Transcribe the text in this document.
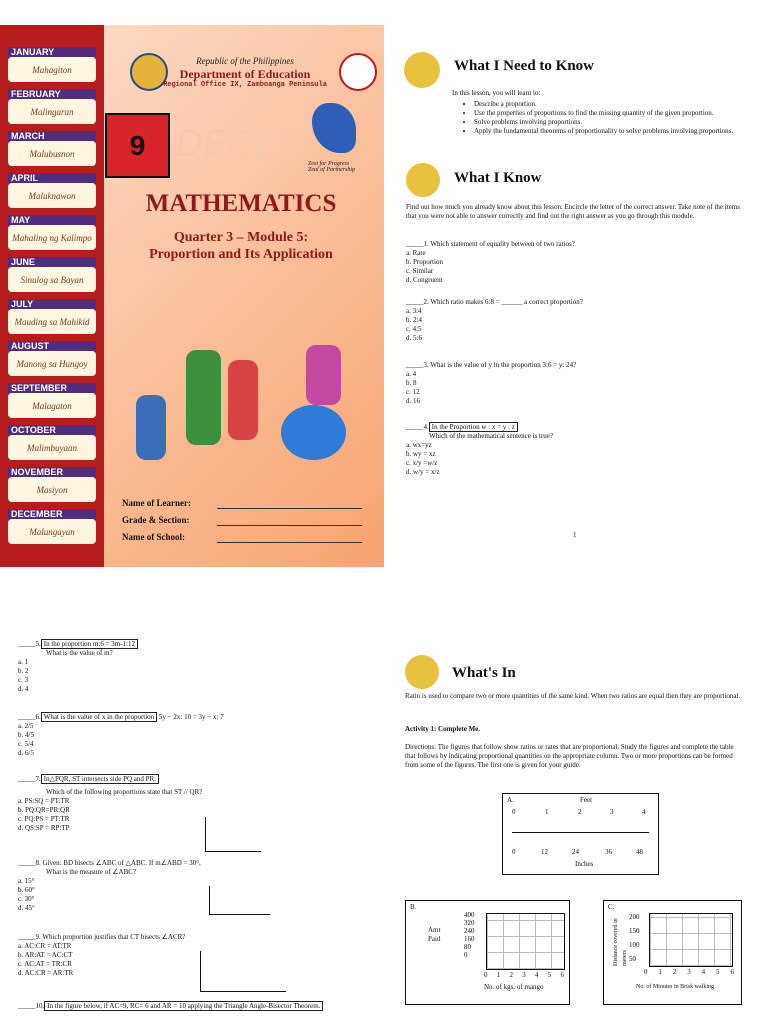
JANUARY
Mahagiton
FEBRUARY
Malingaran
MARCH
Malubusnon
APRIL
Maluknawon
MAY
Mahaling ng Kalimpo
JUNE
Sinulog sa Bayan
JULY
Mauding sa Mahikid
AUGUST
Manong sa Hungoy
SEPTEMBER
Malagaton
OCTOBER
Malimbuyaan
NOVEMBER
Masiyon
DECEMBER
Malungayan
Republic of the Philippines
Department of Education
Regional Office IX, Zamboanga Peninsula
9 DEPED Zest for Progress
Zeal of Partnership
MATHEMATICS
Quarter 3 – Module 5:
Proportion and Its Application
Name of Learner:
Grade & Section:
Name of School:
What I Need to Know

In this lesson, you will learn to:

• Describe a proportion.
• Use the properties of proportions to find the missing quantity of the given proportion.
• Solve problems involving proportions.
• Apply the fundamental theorems of proportionality to solve problems involving proportions.
What I Know

Find out how much you already know about this lesson. Encircle the letter of the correct answer. Take note of the items that you were not able to answer correctly and find out the right answer as you go through this module.

_____1. Which statement of equality between of two ratios?

a. Rate

b. Proportion

c. Similar

d. Congruent

_____2. Which ratio makes 6:8 = ______ a correct proportion?

a. 3:4

b. 2:4

c. 4:5

d. 5:6

_____3. What is the value of y in the proportion 3:6 = y: 24?

a. 4

b. 8

c. 12

d. 16

_____4. In the Proportion w : x = y : z

Which of the mathematical sentence is true?

a. wx=yz

b. wy = xz

c. x/y =w/z

d. w/y = x/z

1

_____5. In the proportion m:6 = 3m-1:12

What is the value of m?

a. 1

b. 2

c. 3

d. 4

_____6. What is the value of x in the proportion 5y − 2x: 10 = 3y − x: 7

a. 2/5

b. 4/5

c. 5/4

d. 6/5

_____7. In△PQR, ST intersects side PQ and PR.

Which of the following proportions state that ST // QR?

a. PS:SQ = PT:TR

b. PQ:QR=PR:QR

c. PQ:PS = PT:TR

d. QS:SP = RP:TP

_____8. Given: BD bisects ∠ABC of △ABC. If m∠ABD = 30°,

What is the measure of ∠ABC?

a. 15°

b. 60°

c. 30°

d. 45°

_____9. Which proportion justifies that CT bisects ∠ACR?

a. AC:CR = AT:TR

b. AR:AT = AC:CT

c. AC:AT = TR:CR

d. AC:CR = AR:TR

_____10. In the figure below, if AC=9, RC= 6 and AR = 10 applying the Triangle Angle-Bisector Theorem.

What's In

Ratio is used to compare two or more quantities of the same kind. When two ratios are equal then they are proportional.

Activity 1: Complete Me.

Directions: The figures that follow show ratios or rates that are proportional. Study the figures and complete the table that follows by indicating proportional quantities on the appropriate column. Two or more proportions can be formed from some of the figures. The first one is given for your guide.

A.	Feet
0	1	2	3	4
0	12	24	36	48
Inches
B.
Amt
Paid
400
320
240
160
80
0
0 1 2 3 4 5 6
No. of kgs. of mango
C.
Distance covered in meters
200
150
100
50
0 1 2 3 4 5 6
No. of Minutes in Brisk walking
